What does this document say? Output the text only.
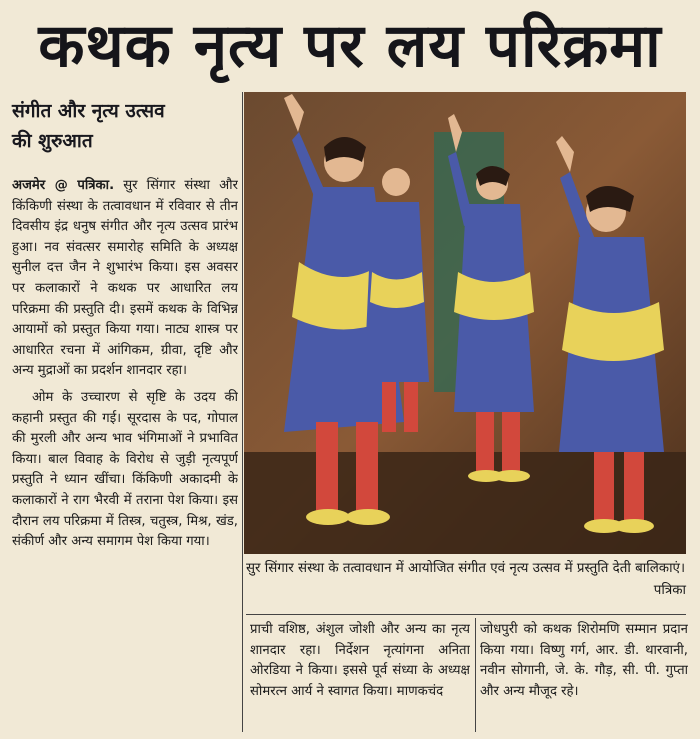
कथक नृत्य पर लय परिक्रमा
संगीत और नृत्य उत्सव
की शुरुआत

अजमेर @ पत्रिका. सुर सिंगार संस्था और किंकिणी संस्था के तत्वावधान में रविवार से तीन दिवसीय इंद्र धनुष संगीत और नृत्य उत्सव प्रारंभ हुआ। नव संवत्सर समारोह समिति के अध्यक्ष सुनील दत्त जैन ने शुभारंभ किया। इस अवसर पर कलाकारों ने कथक पर आधारित लय परिक्रमा की प्रस्तुति दी। इसमें कथक के विभिन्न आयामों को प्रस्तुत किया गया। नाट्य शास्त्र पर आधारित रचना में आंगिकम, ग्रीवा, दृष्टि और अन्य मुद्राओं का प्रदर्शन शानदार रहा।

ओम के उच्चारण से सृष्टि के उदय की कहानी प्रस्तुत की गई। सूरदास के पद, गोपाल की मुरली और अन्य भाव भंगिमाओं ने प्रभावित किया। बाल विवाह के विरोध से जुड़ी नृत्यपूर्ण प्रस्तुति ने ध्यान खींचा। किंकिणी अकादमी के कलाकारों ने राग भैरवी में तराना पेश किया। इस दौरान लय परिक्रमा में तिस्त्र, चतुस्त्र, मिश्र, खंड, संकीर्ण और अन्य समागम पेश किया गया।

सुर सिंगार संस्था के तत्वावधान में आयोजित संगीत एवं नृत्य उत्सव में प्रस्तुति देती बालिकाएं।
पत्रिका

प्राची वशिष्ठ, अंशुल जोशी और अन्य का नृत्य शानदार रहा। निर्देशन नृत्यांगना अनिता ओरडिया ने किया। इससे पूर्व संध्या के अध्यक्ष सोमरत्न आर्य ने स्वागत किया। माणकचंद

जोधपुरी को कथक शिरोमणि सम्मान प्रदान किया गया। विष्णु गर्ग, आर. डी. थारवानी, नवीन सोगानी, जे. के. गौड़, सी. पी. गुप्ता और अन्य मौजूद रहे।
